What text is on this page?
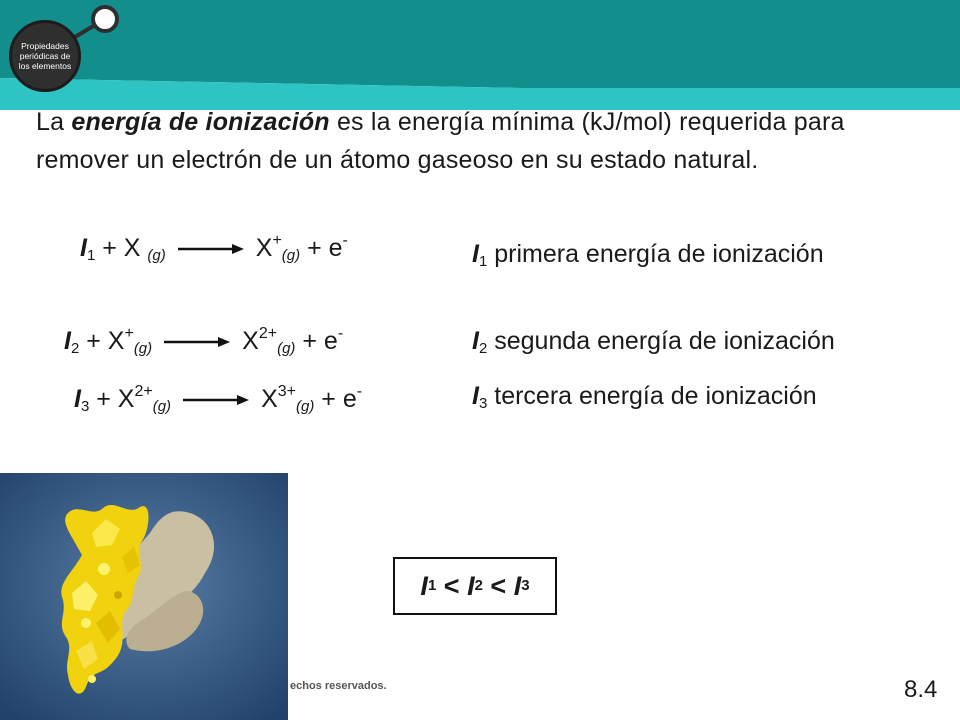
Propiedades
periódicas de
los elementos
La energía de ionización es la energía mínima (kJ/mol) requerida para remover un electrón de un átomo gaseoso en su estado natural.
$I_1 + X$ $_{(g)} \to X^+_{(g)} + e^-$
$I_2 + X^+_{(g)} \to X^{2+}_{(g)} + e^-$
$I_3 + X^{2+}_{(g)} \to X^{3+}_{(g)} + e^-$
$I_1$ primera energía de ionización
$I_2$ segunda energía de ionización
$I_3$ tercera energía de ionización
I 1 < I 2 < I 3
echos reservados.	8.4
